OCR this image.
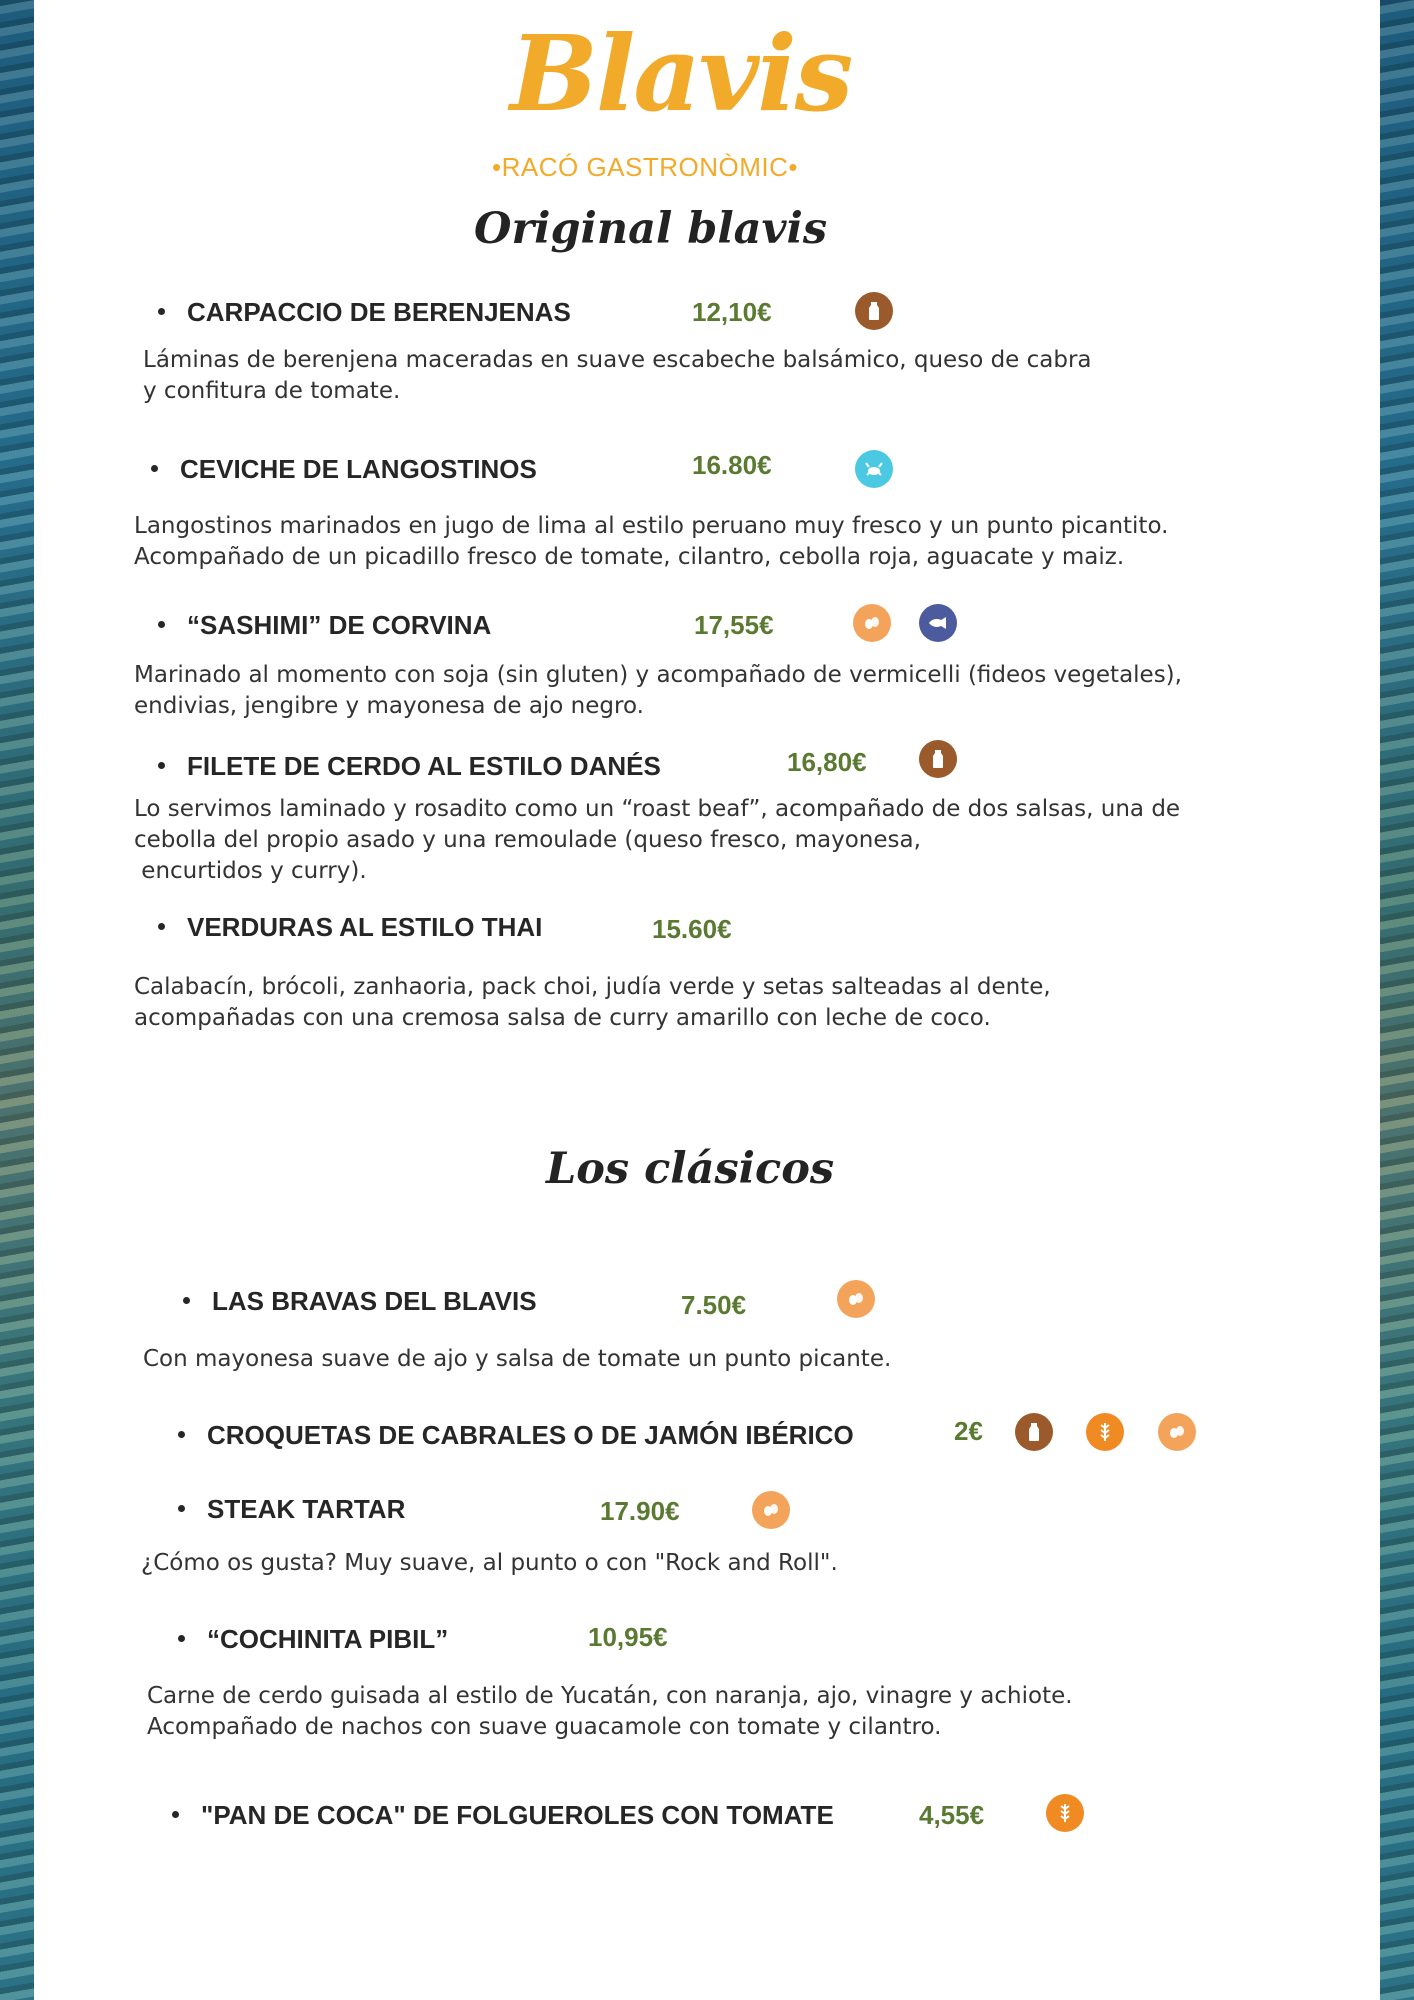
Blavis
•RACÓ GASTRONÒMIC•
Original blavis
CARPACCIO DE BERENJENAS	12,10€
Láminas de berenjena maceradas en suave escabeche balsámico, queso de cabra
y confitura de tomate.
CEVICHE DE LANGOSTINOS	16.80€
Langostinos marinados en jugo de lima al estilo peruano muy fresco y un punto picantito.
Acompañado de un picadillo fresco de tomate, cilantro, cebolla roja, aguacate y maiz.
“SASHIMI” DE CORVINA	17,55€
Marinado al momento con soja (sin gluten) y acompañado de vermicelli (fideos vegetales),
endivias, jengibre y mayonesa de ajo negro.
FILETE DE CERDO AL ESTILO DANÉS	16,80€
Lo servimos laminado y rosadito como un “roast beaf”, acompañado de dos salsas, una de
cebolla del propio asado y una remoulade (queso fresco, mayonesa,
encurtidos y curry).
VERDURAS AL ESTILO THAI	15.60€
Calabacín, brócoli, zanhaoria, pack choi, judía verde y setas salteadas al dente,
acompañadas con una cremosa salsa de curry amarillo con leche de coco.
Los clásicos
LAS BRAVAS DEL BLAVIS	7.50€
Con mayonesa suave de ajo y salsa de tomate un punto picante.
CROQUETAS DE CABRALES O DE JAMÓN IBÉRICO	2€
STEAK TARTAR	17.90€
¿Cómo os gusta? Muy suave, al punto o con "Rock and Roll".
“COCHINITA PIBIL”	10,95€
Carne de cerdo guisada al estilo de Yucatán, con naranja, ajo, vinagre y achiote.
Acompañado de nachos con suave guacamole con tomate y cilantro.
"PAN DE COCA" DE FOLGUEROLES CON TOMATE	4,55€
